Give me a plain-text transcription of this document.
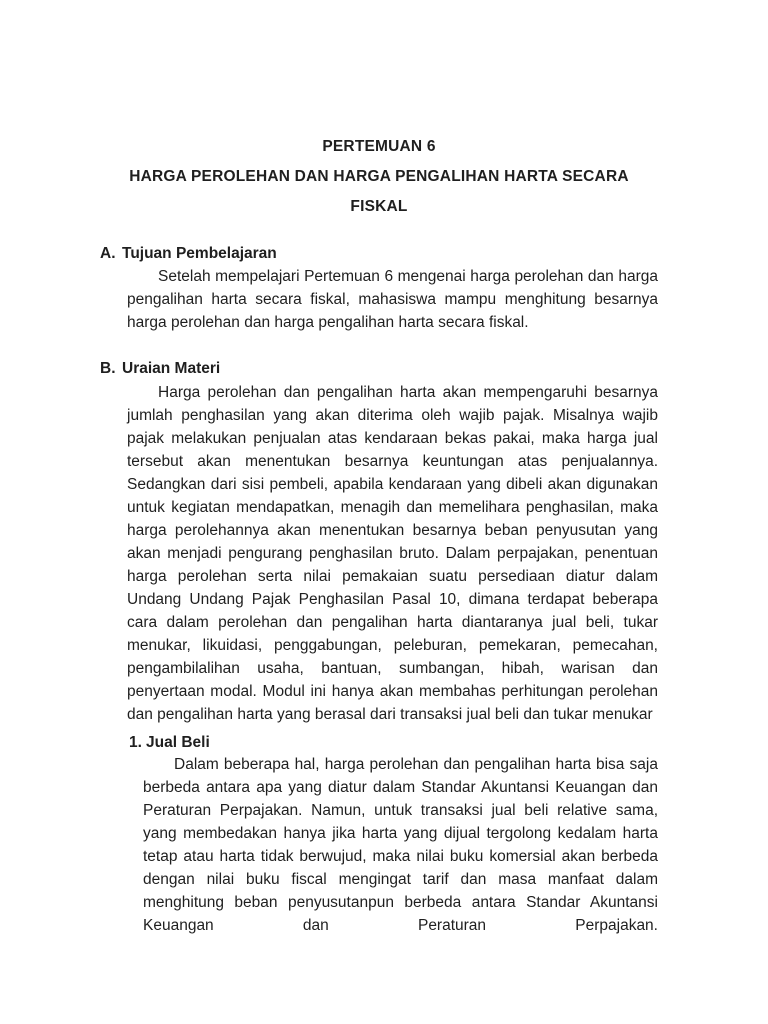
PERTEMUAN 6
HARGA PEROLEHAN DAN HARGA PENGALIHAN HARTA SECARA
FISKAL
A. Tujuan Pembelajaran

Setelah mempelajari Pertemuan 6 mengenai harga perolehan dan harga pengalihan harta secara fiskal, mahasiswa mampu menghitung besarnya harga perolehan dan harga pengalihan harta secara fiskal.

B. Uraian Materi

Harga perolehan dan pengalihan harta akan mempengaruhi besarnya jumlah penghasilan yang akan diterima oleh wajib pajak. Misalnya wajib pajak melakukan penjualan atas kendaraan bekas pakai, maka harga jual tersebut akan menentukan besarnya keuntungan atas penjualannya. Sedangkan dari sisi pembeli, apabila kendaraan yang dibeli akan digunakan untuk kegiatan mendapatkan, menagih dan memelihara penghasilan, maka harga perolehannya akan menentukan besarnya beban penyusutan yang akan menjadi pengurang penghasilan bruto. Dalam perpajakan, penentuan harga perolehan serta nilai pemakaian suatu persediaan diatur dalam Undang Undang Pajak Penghasilan Pasal 10, dimana terdapat beberapa cara dalam perolehan dan pengalihan harta diantaranya jual beli, tukar menukar, likuidasi, penggabungan, peleburan, pemekaran, pemecahan, pengambilalihan usaha, bantuan, sumbangan, hibah, warisan dan penyertaan modal. Modul ini hanya akan membahas perhitungan perolehan dan pengalihan harta yang berasal dari transaksi jual beli dan tukar menukar

1. Jual Beli

Dalam beberapa hal, harga perolehan dan pengalihan harta bisa saja berbeda antara apa yang diatur dalam Standar Akuntansi Keuangan dan Peraturan Perpajakan. Namun, untuk transaksi jual beli relative sama, yang membedakan hanya jika harta yang dijual tergolong kedalam harta tetap atau harta tidak berwujud, maka nilai buku komersial akan berbeda dengan nilai buku fiscal mengingat tarif dan masa manfaat dalam menghitung beban penyusutanpun berbeda antara Standar Akuntansi Keuangan dan Peraturan Perpajakan.
